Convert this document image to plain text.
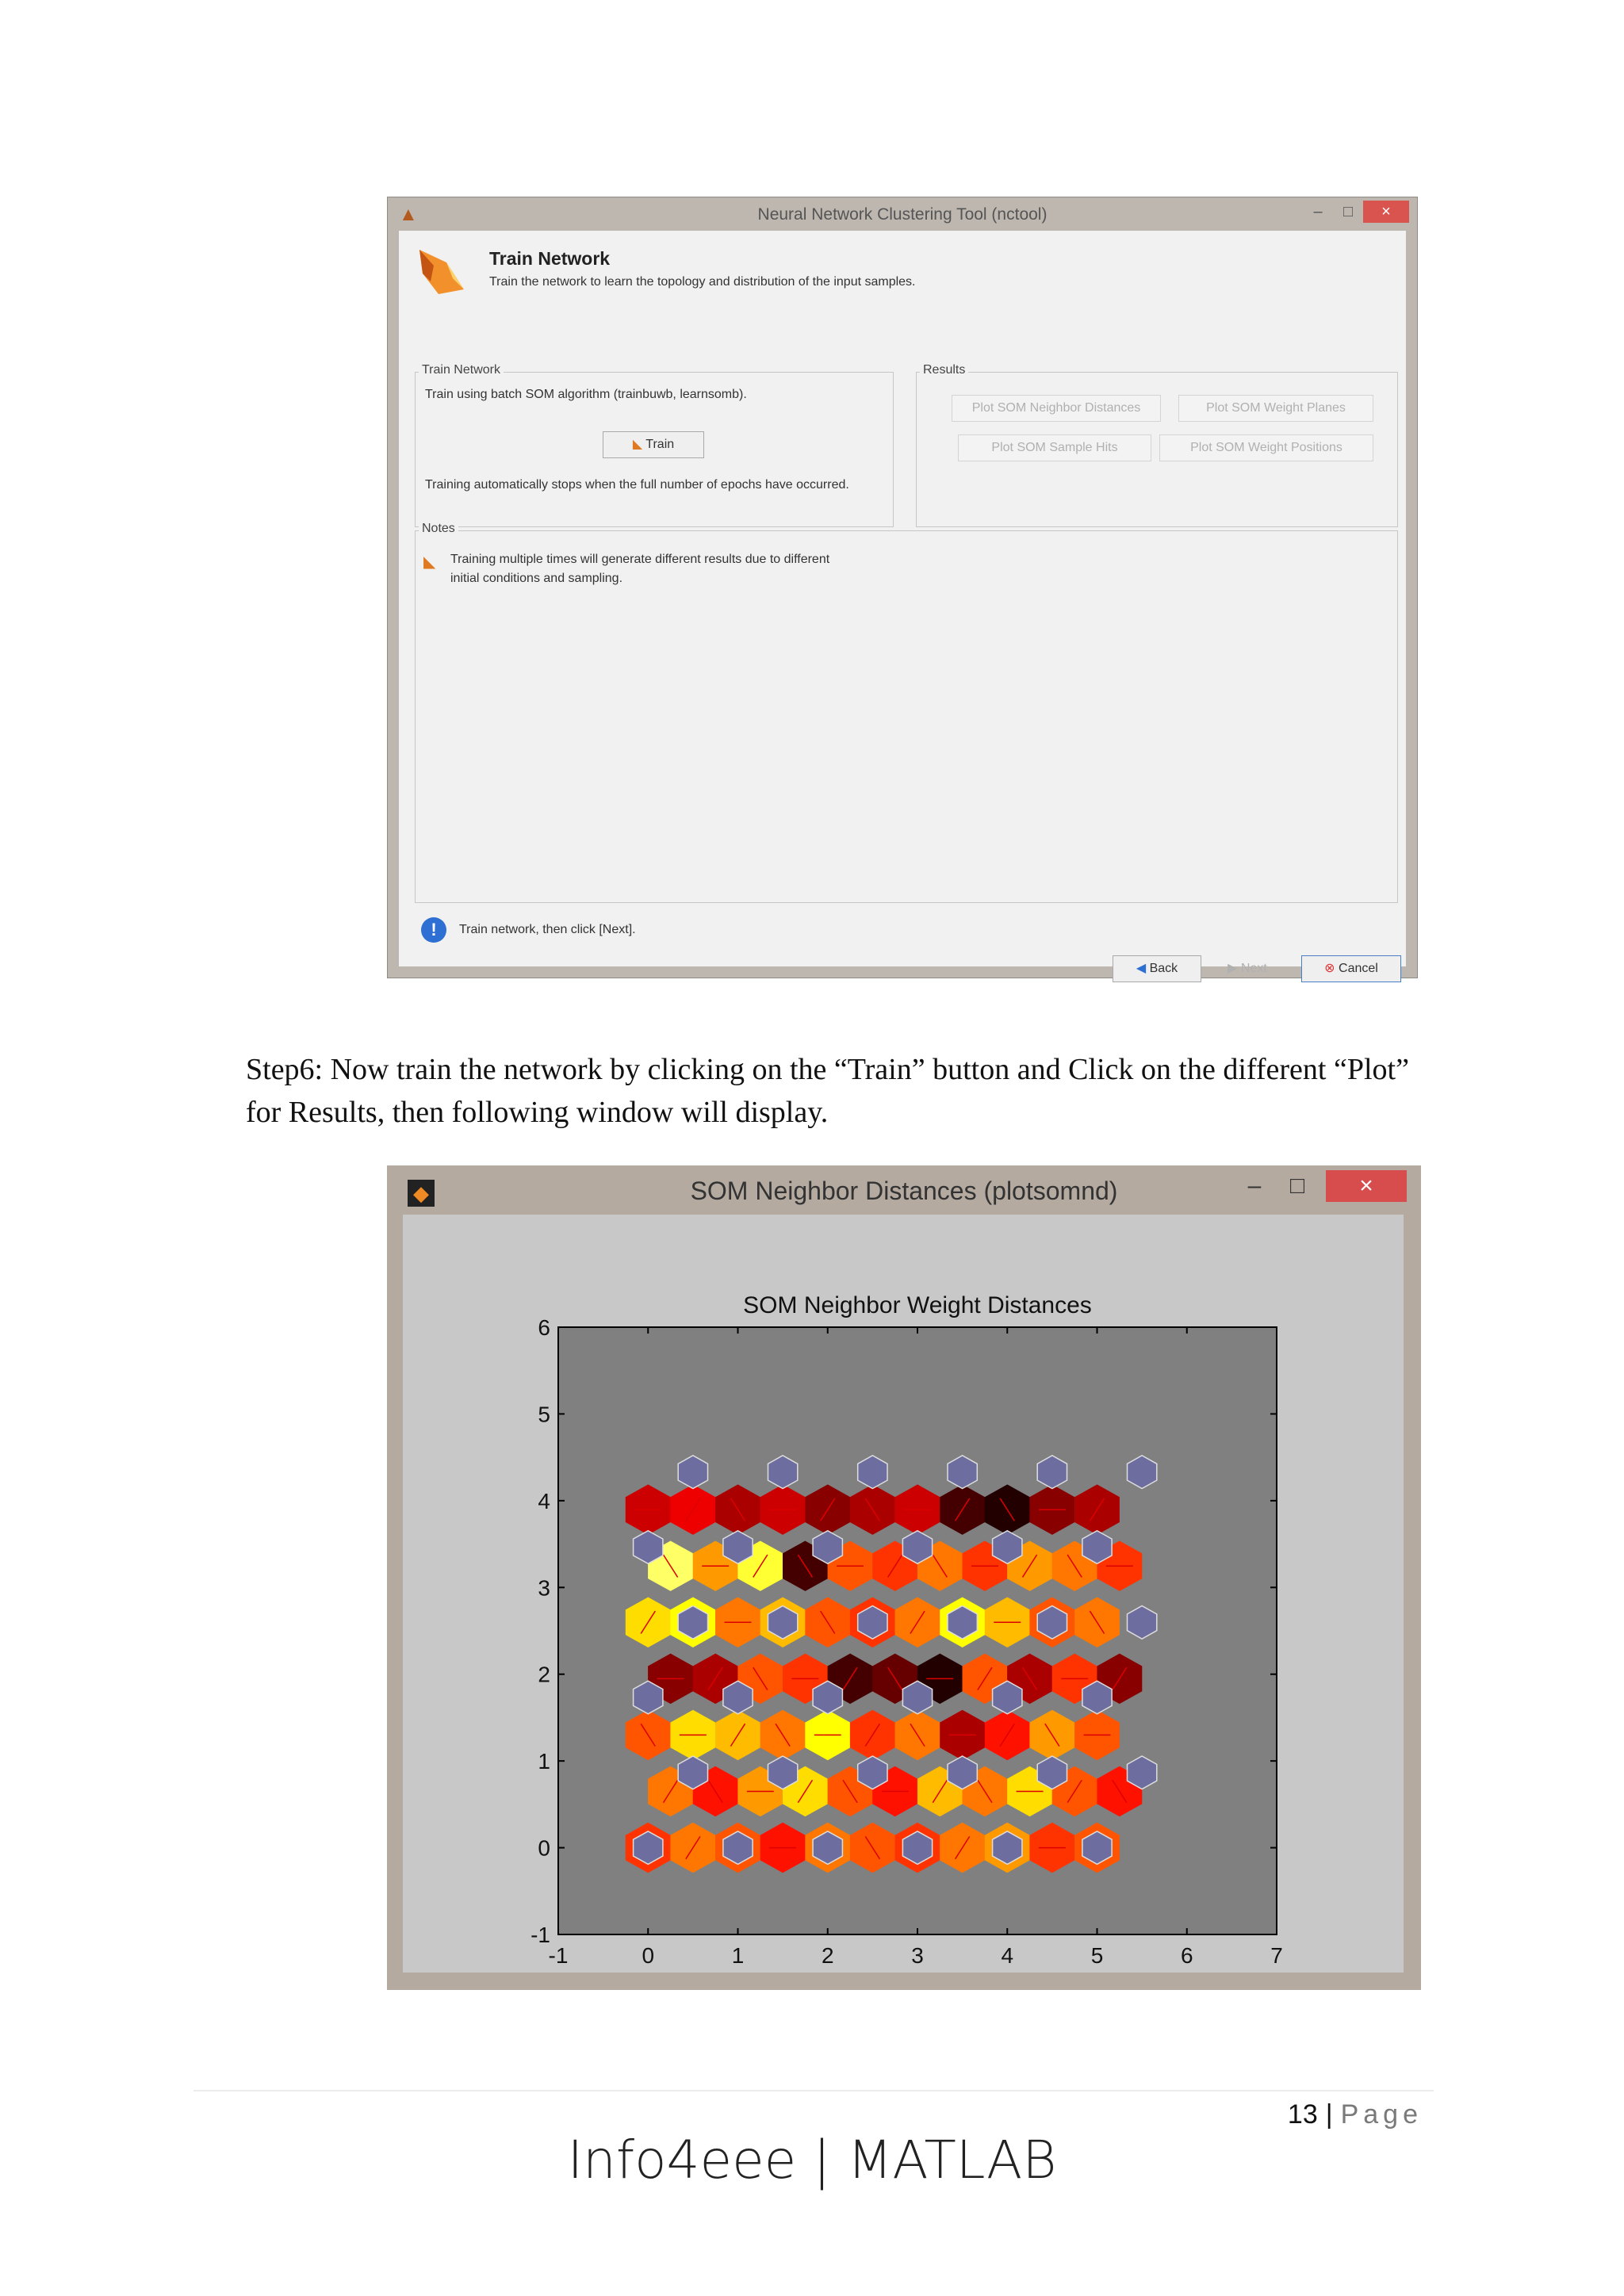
▲	Neural Network Clustering Tool (nctool)	–	□	×
Train Network
Train the network to learn the topology and distribution of the input samples.
Train Network
Train using batch SOM algorithm (trainbuwb, learnsomb).
◣ Train
Training automatically stops when the full number of epochs have occurred.
Results
Plot SOM Neighbor Distances	Plot SOM Weight Planes
Plot SOM Sample Hits	Plot SOM Weight Positions
Notes
◣ Training multiple times will generate different results due to different initial conditions and sampling.
!	Train network, then click [Next].
◀ Back	▶ Next	⊗ Cancel
Step6: Now train the network by clicking on the “Train” button and Click on the different “Plot” for Results, then following window will display.
◆	SOM Neighbor Distances (plotsomnd)	–	□	×
SOM Neighbor Weight Distances
-1	0	1	2	3	4	5	6	7
-1
0
1
2
3
4
5
6
13 | Page
Info4eee | MATLAB
